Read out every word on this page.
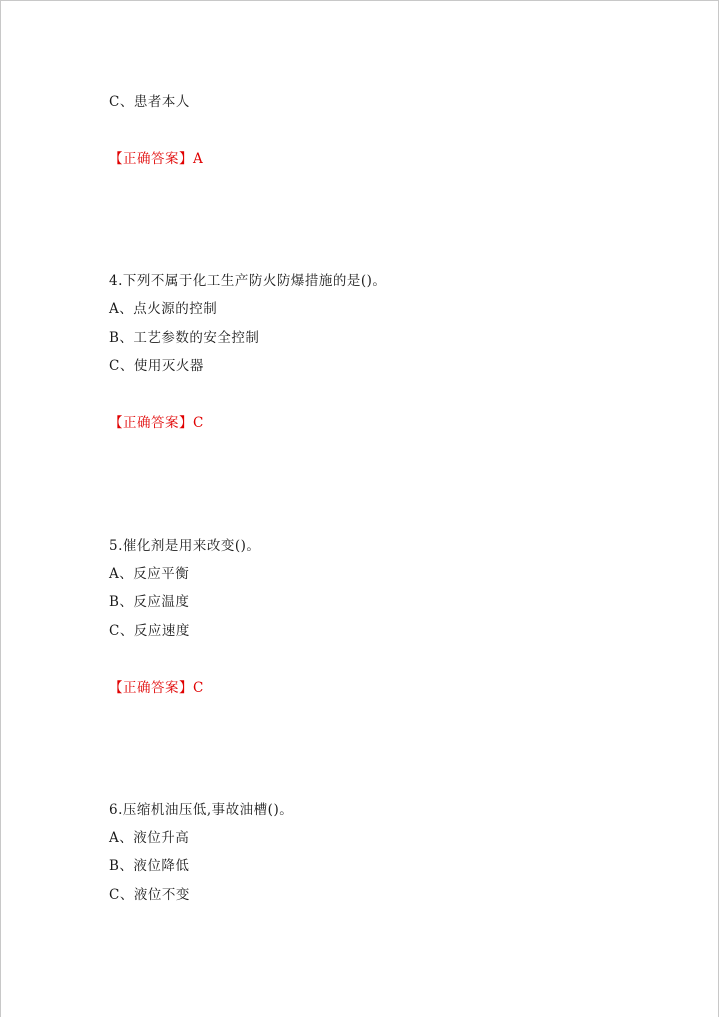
C、患者本人
【正确答案】A
4.下列不属于化工生产防火防爆措施的是()。
A、点火源的控制
B、工艺参数的安全控制
C、使用灭火器
【正确答案】C
5.催化剂是用来改变()。
A、反应平衡
B、反应温度
C、反应速度
【正确答案】C
6.压缩机油压低,事故油槽()。
A、液位升高
B、液位降低
C、液位不变
